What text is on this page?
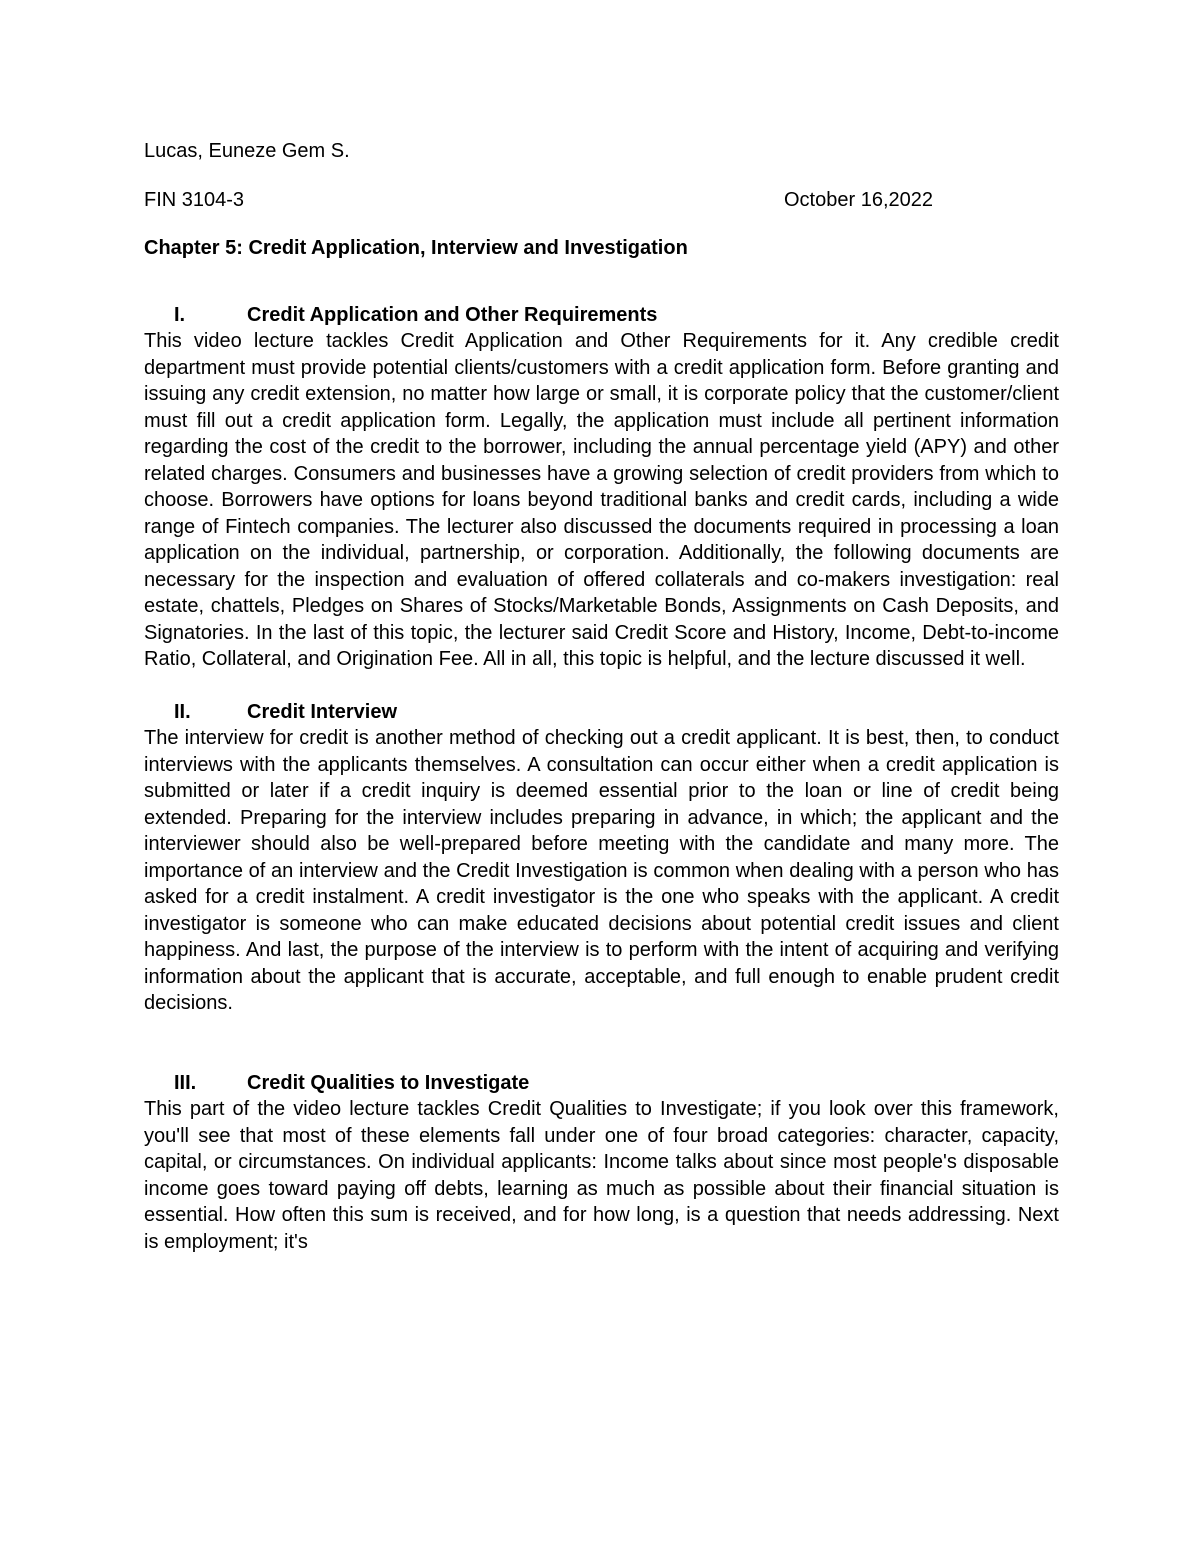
Lucas, Euneze Gem S.

FIN 3104-3	October 16,2022

Chapter 5: Credit Application, Interview and Investigation

I.	Credit Application and Other Requirements

This video lecture tackles Credit Application and Other Requirements for it. Any credible credit department must provide potential clients/customers with a credit application form. Before granting and issuing any credit extension, no matter how large or small, it is corporate policy that the customer/client must fill out a credit application form. Legally, the application must include all pertinent information regarding the cost of the credit to the borrower, including the annual percentage yield (APY) and other related charges. Consumers and businesses have a growing selection of credit providers from which to choose. Borrowers have options for loans beyond traditional banks and credit cards, including a wide range of Fintech companies. The lecturer also discussed the documents required in processing a loan application on the individual, partnership, or corporation. Additionally, the following documents are necessary for the inspection and evaluation of offered collaterals and co-makers investigation: real estate, chattels, Pledges on Shares of Stocks/Marketable Bonds, Assignments on Cash Deposits, and Signatories. In the last of this topic, the lecturer said Credit Score and History, Income, Debt-to-income Ratio, Collateral, and Origination Fee. All in all, this topic is helpful, and the lecture discussed it well.

II.	Credit Interview

The interview for credit is another method of checking out a credit applicant. It is best, then, to conduct interviews with the applicants themselves. A consultation can occur either when a credit application is submitted or later if a credit inquiry is deemed essential prior to the loan or line of credit being extended. Preparing for the interview includes preparing in advance, in which; the applicant and the interviewer should also be well-prepared before meeting with the candidate and many more. The importance of an interview and the Credit Investigation is common when dealing with a person who has asked for a credit instalment. A credit investigator is the one who speaks with the applicant. A credit investigator is someone who can make educated decisions about potential credit issues and client happiness. And last, the purpose of the interview is to perform with the intent of acquiring and verifying information about the applicant that is accurate, acceptable, and full enough to enable prudent credit decisions.

III.	Credit Qualities to Investigate

This part of the video lecture tackles Credit Qualities to Investigate; if you look over this framework, you'll see that most of these elements fall under one of four broad categories: character, capacity, capital, or circumstances. On individual applicants: Income talks about since most people's disposable income goes toward paying off debts, learning as much as possible about their financial situation is essential. How often this sum is received, and for how long, is a question that needs addressing. Next is employment; it's
